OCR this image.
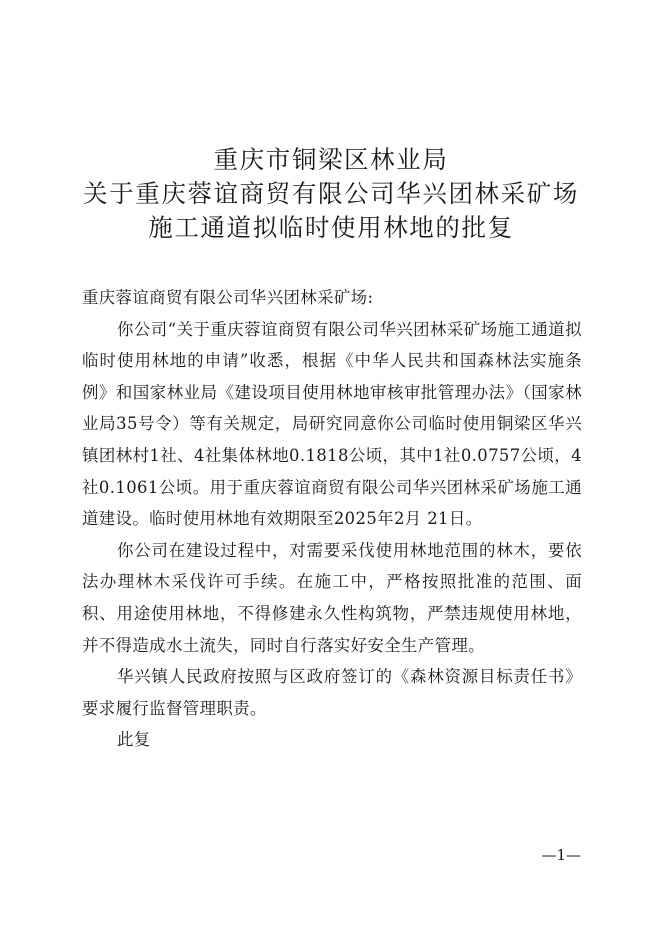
重庆市铜梁区林业局
关于重庆蓉谊商贸有限公司华兴团林采矿场
施工通道拟临时使用林地的批复

重庆蓉谊商贸有限公司华兴团林采矿场:

你公司“关于重庆蓉谊商贸有限公司华兴团林采矿场施工通道拟临时使用林地的申请”收悉，根据《中华人民共和国森林法实施条例》和国家林业局《建设项目使用林地审核审批管理办法》（国家林业局35号令）等有关规定，局研究同意你公司临时使用铜梁区华兴镇团林村1社、4社集体林地0.1818公顷，其中1社0.0757公顷，4社0.1061公顷。用于重庆蓉谊商贸有限公司华兴团林采矿场施工通道建设。临时使用林地有效期限至2025年2月 21日。

你公司在建设过程中，对需要采伐使用林地范围的林木，要依法办理林木采伐许可手续。在施工中，严格按照批准的范围、面积、用途使用林地，不得修建永久性构筑物，严禁违规使用林地，并不得造成水土流失，同时自行落实好安全生产管理。

华兴镇人民政府按照与区政府签订的《森林资源目标责任书》要求履行监督管理职责。

此复

—1—
